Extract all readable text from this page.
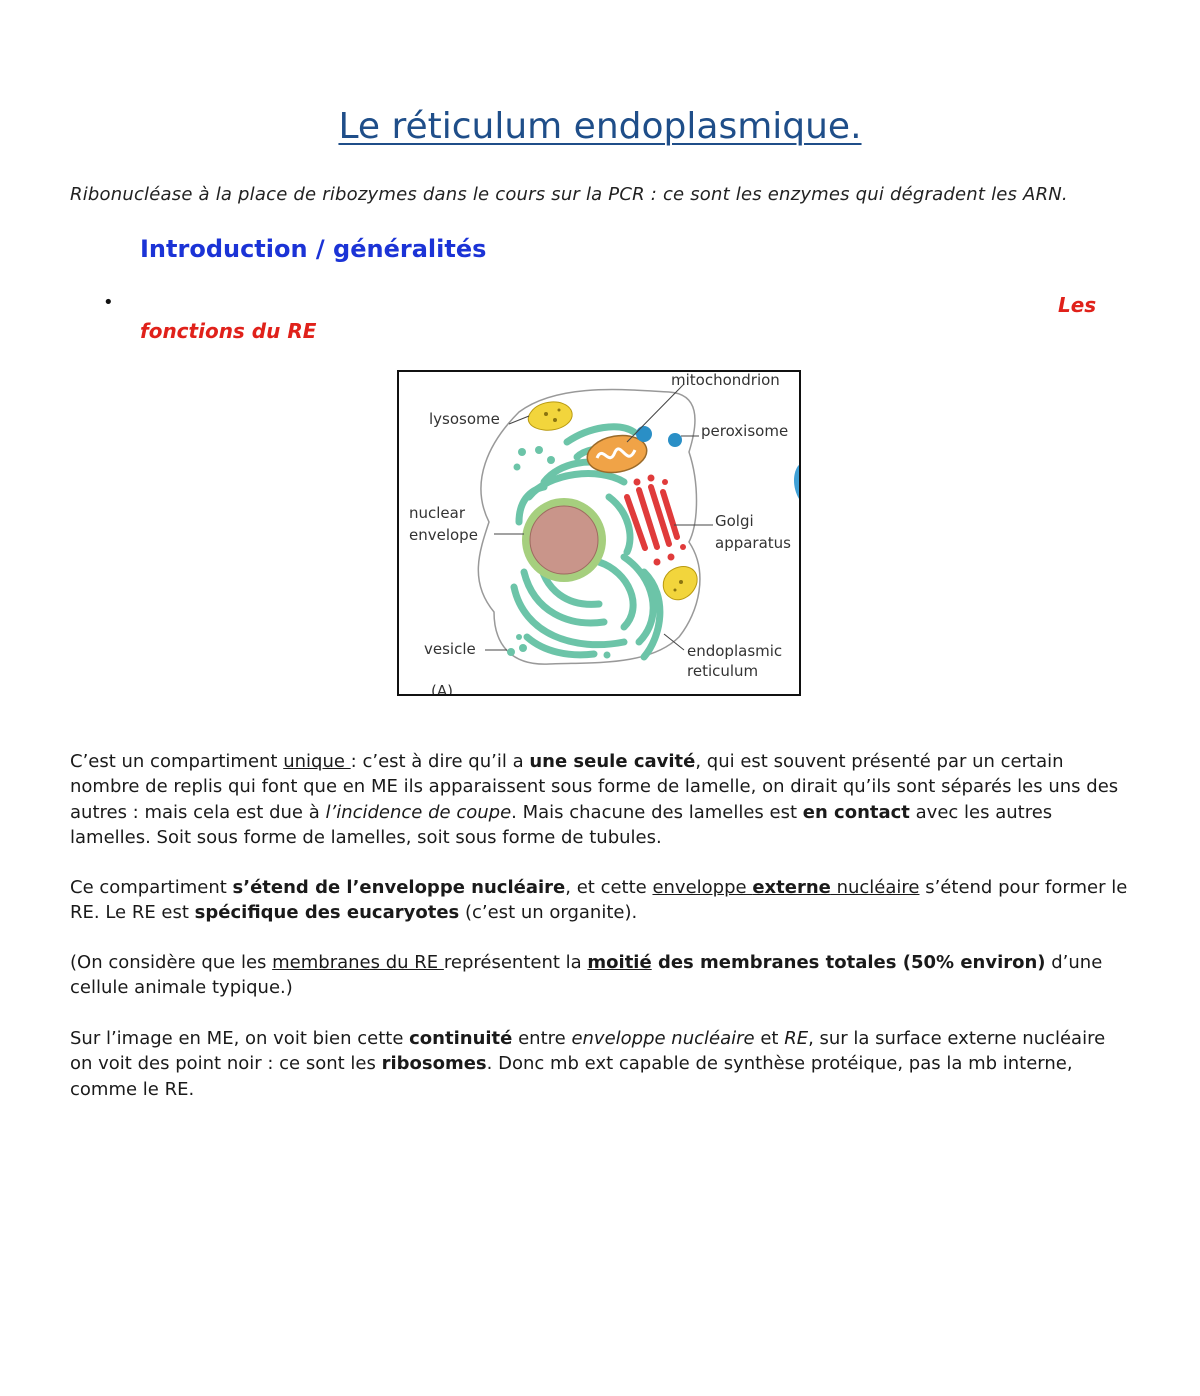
Le réticulum endoplasmique.
Ribonucléase à la place de ribozymes dans le cours sur la PCR : ce sont les enzymes qui dégradent les ARN.
Introduction / généralités
•	Les
fonctions du RE
mitochondrion
lysosome
peroxisome
nuclear
envelope
Golgi
apparatus
vesicle	endoplasmic
reticulum
(A)

C’est un compartiment unique : c’est à dire qu’il a une seule cavité, qui est souvent présenté par un certain nombre de replis qui font que en ME ils apparaissent sous forme de lamelle, on dirait qu’ils sont séparés les uns des autres : mais cela est due à l’incidence de coupe. Mais chacune des lamelles est en contact avec les autres lamelles. Soit sous forme de lamelles, soit sous forme de tubules.

Ce compartiment s’étend de l’enveloppe nucléaire, et cette enveloppe externe nucléaire s’étend pour former le RE. Le RE est spécifique des eucaryotes (c’est un organite).

(On considère que les membranes du RE représentent la moitié des membranes totales (50% environ) d’une cellule animale typique.)

Sur l’image en ME, on voit bien cette continuité entre enveloppe nucléaire et RE, sur la surface externe nucléaire on voit des point noir : ce sont les ribosomes. Donc mb ext capable de synthèse protéique, pas la mb interne, comme le RE.
